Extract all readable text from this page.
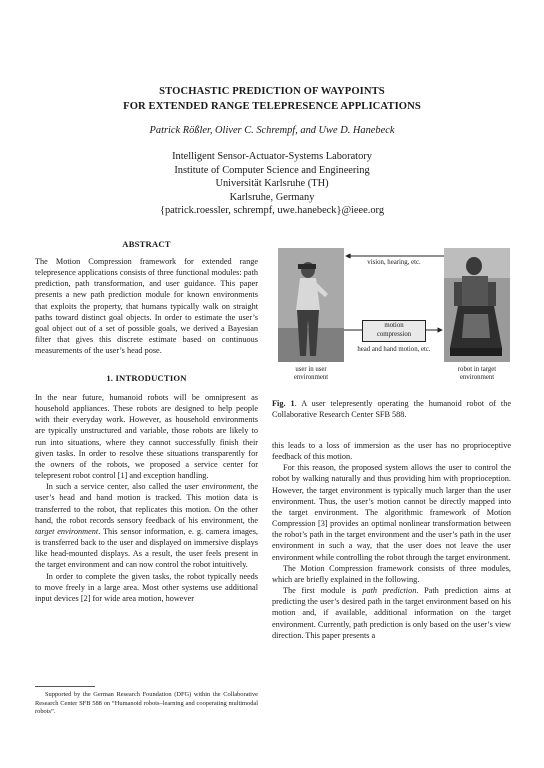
STOCHASTIC PREDICTION OF WAYPOINTS
FOR EXTENDED RANGE TELEPRESENCE APPLICATIONS
Patrick Rößler, Oliver C. Schrempf, and Uwe D. Hanebeck
Intelligent Sensor-Actuator-Systems Laboratory
Institute of Computer Science and Engineering
Universität Karlsruhe (TH)
Karlsruhe, Germany
{patrick.roessler, schrempf, uwe.hanebeck}@ieee.org
ABSTRACT

The Motion Compression framework for extended range telepresence applications consists of three functional modules: path prediction, path transformation, and user guidance. This paper presents a new path prediction module for known environments that exploits the property, that humans typically walk on straight paths toward distinct goal objects. In order to estimate the user’s goal object out of a set of possible goals, we derived a Bayesian filter that gives this discrete estimate based on continuous measurements of the user’s head pose.

1. INTRODUCTION

In the near future, humanoid robots will be omnipresent as household appliances. These robots are designed to help people with their everyday work. However, as household environments are typically unstructured and variable, those robots are likely to run into situations, where they cannot successfully finish their given tasks. In order to resolve these situations transparently for the owners of the robots, we proposed a service center for telepresent robot control [1] and exception handling.

In such a service center, also called the user environment, the user’s head and hand motion is tracked. This motion data is transferred to the robot, that replicates this motion. On the other hand, the robot records sensory feedback of his environment, the target environment. This sensor information, e. g. camera images, is transferred back to the user and displayed on immersive displays like head-mounted displays. As a result, the user feels present in the target environment and can now control the robot intuitively.

In order to complete the given tasks, the robot typically needs to move freely in a large area. Most other systems use additional input devices [2] for wide area motion, however

Supported by the German Research Foundation (DFG) within the Collaborative Research Center SFB 588 on “Humanoid robots–learning and cooperating multimodal robots”.
vision, hearing, etc.
motion compression
head and hand motion, etc.
user in user environment
robot in target environment
Fig. 1. A user telepresently operating the humanoid robot of the Collaborative Research Center SFB 588.

this leads to a loss of immersion as the user has no proprioceptive feedback of this motion.

For this reason, the proposed system allows the user to control the robot by walking naturally and thus providing him with proprioception. However, the target environment is typically much larger than the user environment. Thus, the user’s motion cannot be directly mapped into the target environment. The algorithmic framework of Motion Compression [3] provides an optimal nonlinear transformation between the robot’s path in the target environment and the user’s path in the user environment in such a way, that the user does not leave the user environment while controlling the robot through the target environment.

The Motion Compression framework consists of three modules, which are briefly explained in the following.

The first module is path prediction. Path prediction aims at predicting the user’s desired path in the target environment based on his motion and, if available, additional information on the target environment. Currently, path prediction is only based on the user’s view direction. This paper presents a
